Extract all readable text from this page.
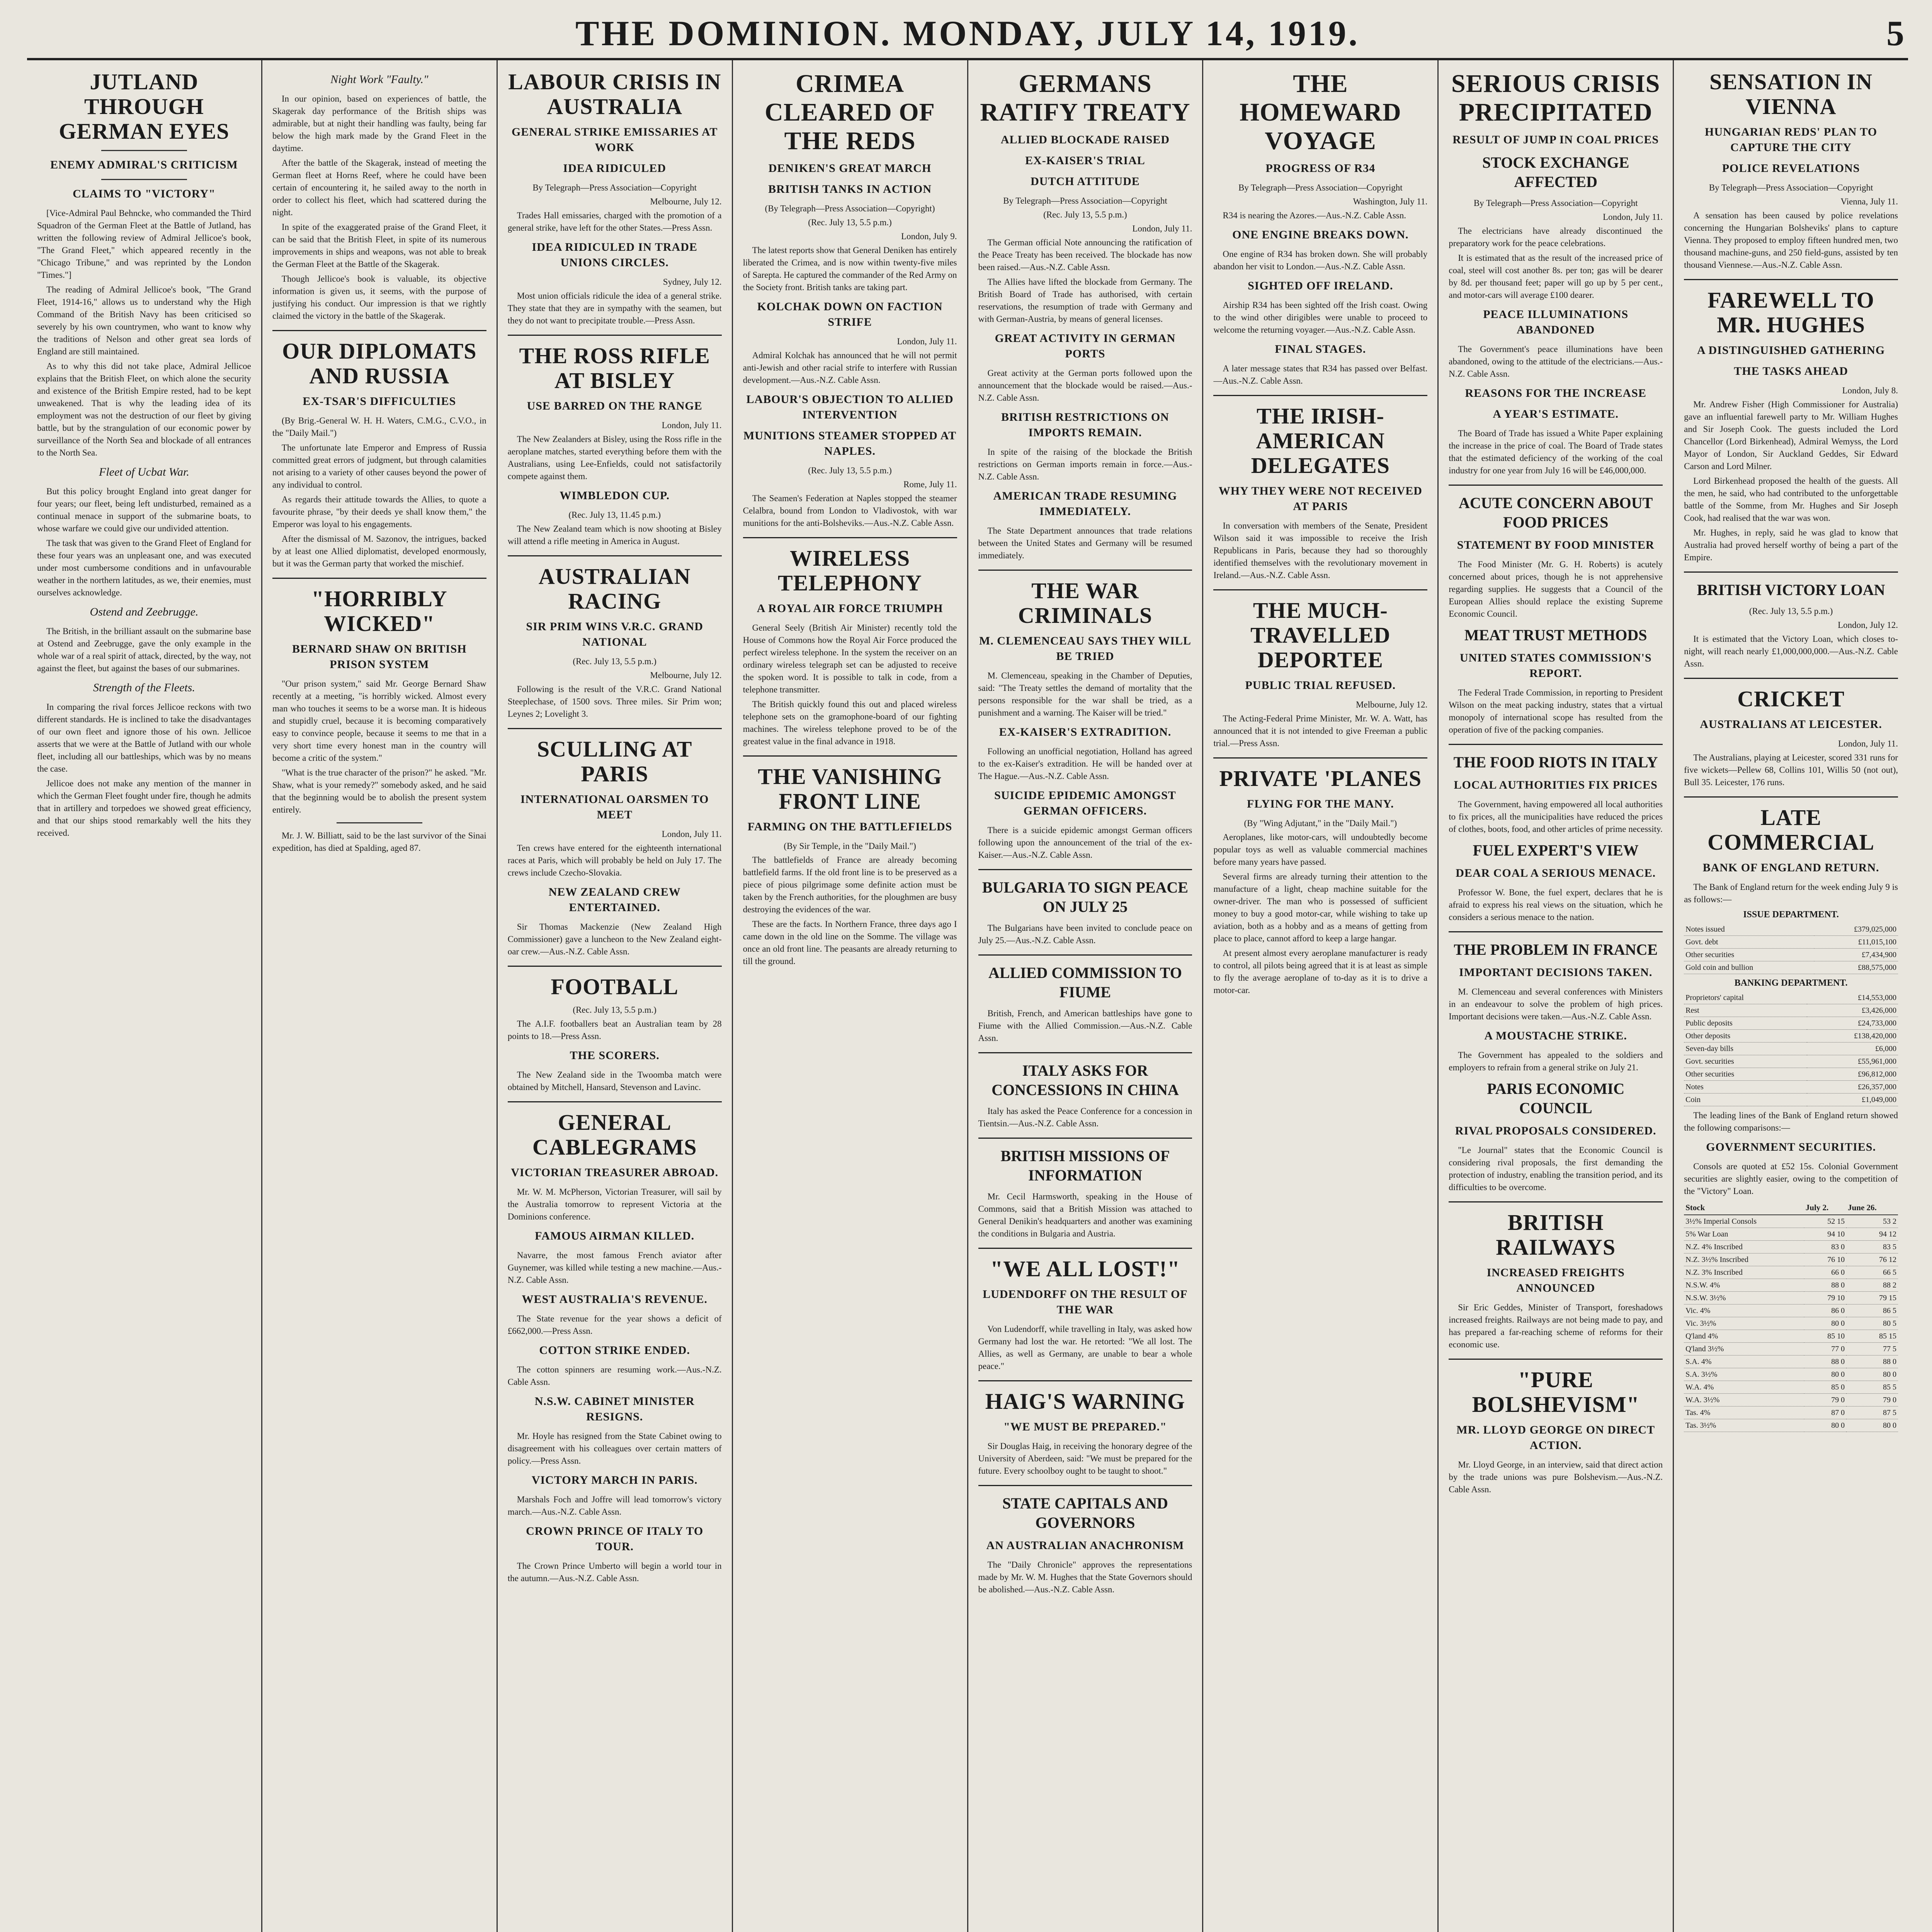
THE DOMINION. MONDAY, JULY 14, 1919.	5
JUTLAND THROUGH GERMAN EYES
ENEMY ADMIRAL'S CRITICISM
CLAIMS TO "VICTORY"

[Vice-Admiral Paul Behncke, who commanded the Third Squadron of the German Fleet at the Battle of Jutland, has written the following review of Admiral Jellicoe's book, "The Grand Fleet," which appeared recently in the "Chicago Tribune," and was reprinted by the London "Times."]

The reading of Admiral Jellicoe's book, "The Grand Fleet, 1914-16," allows us to understand why the High Command of the British Navy has been criticised so severely by his own countrymen, who want to know why the traditions of Nelson and other great sea lords of England are still maintained.

As to why this did not take place, Admiral Jellicoe explains that the British Fleet, on which alone the security and existence of the British Empire rested, had to be kept unweakened. That is why the leading idea of its employment was not the destruction of our fleet by giving battle, but by the strangulation of our economic power by surveillance of the North Sea and blockade of all entrances to the North Sea.

Fleet of Ucbat War.

But this policy brought England into great danger for four years; our fleet, being left undisturbed, remained as a continual menace in support of the submarine boats, to whose warfare we could give our undivided attention.

The task that was given to the Grand Fleet of England for these four years was an unpleasant one, and was executed under most cumbersome conditions and in unfavourable weather in the northern latitudes, as we, their enemies, must ourselves acknowledge.

Ostend and Zeebrugge.

The British, in the brilliant assault on the submarine base at Ostend and Zeebrugge, gave the only example in the whole war of a real spirit of attack, directed, by the way, not against the fleet, but against the bases of our submarines.

Strength of the Fleets.

In comparing the rival forces Jellicoe reckons with two different standards. He is inclined to take the disadvantages of our own fleet and ignore those of his own. Jellicoe asserts that we were at the Battle of Jutland with our whole fleet, including all our battleships, which was by no means the case.

Jellicoe does not make any mention of the manner in which the German Fleet fought under fire, though he admits that in artillery and torpedoes we showed great efficiency, and that our ships stood remarkably well the hits they received.

Night Work "Faulty."

In our opinion, based on experiences of battle, the Skagerak day performance of the British ships was admirable, but at night their handling was faulty, being far below the high mark made by the Grand Fleet in the daytime.

After the battle of the Skagerak, instead of meeting the German fleet at Horns Reef, where he could have been certain of encountering it, he sailed away to the north in order to collect his fleet, which had scattered during the night.

In spite of the exaggerated praise of the Grand Fleet, it can be said that the British Fleet, in spite of its numerous improvements in ships and weapons, was not able to break the German Fleet at the Battle of the Skagerak.

Though Jellicoe's book is valuable, its objective information is given us, it seems, with the purpose of justifying his conduct. Our impression is that we rightly claimed the victory in the battle of the Skagerak.

OUR DIPLOMATS AND RUSSIA
EX-TSAR'S DIFFICULTIES

(By Brig.-General W. H. H. Waters, C.M.G., C.V.O., in the "Daily Mail.")

The unfortunate late Emperor and Empress of Russia committed great errors of judgment, but through calamities not arising to a variety of other causes beyond the power of any individual to control.

As regards their attitude towards the Allies, to quote a favourite phrase, "by their deeds ye shall know them," the Emperor was loyal to his engagements.

After the dismissal of M. Sazonov, the intrigues, backed by at least one Allied diplomatist, developed enormously, but it was the German party that worked the mischief.

"HORRIBLY WICKED"
BERNARD SHAW ON BRITISH PRISON SYSTEM

"Our prison system," said Mr. George Bernard Shaw recently at a meeting, "is horribly wicked. Almost every man who touches it seems to be a worse man. It is hideous and stupidly cruel, because it is becoming comparatively easy to convince people, because it seems to me that in a very short time every honest man in the country will become a critic of the system."

"What is the true character of the prison?" he asked. "Mr. Shaw, what is your remedy?" somebody asked, and he said that the beginning would be to abolish the present system entirely.

Mr. J. W. Billiatt, said to be the last survivor of the Sinai expedition, has died at Spalding, aged 87.

LABOUR CRISIS IN AUSTRALIA
GENERAL STRIKE EMISSARIES AT WORK
IDEA RIDICULED
By Telegraph—Press Association—Copyright
Melbourne, July 12.

Trades Hall emissaries, charged with the promotion of a general strike, have left for the other States.—Press Assn.

IDEA RIDICULED IN TRADE UNIONS CIRCLES.
Sydney, July 12.

Most union officials ridicule the idea of a general strike. They state that they are in sympathy with the seamen, but they do not want to precipitate trouble.—Press Assn.

THE ROSS RIFLE AT BISLEY
USE BARRED ON THE RANGE
London, July 11.

The New Zealanders at Bisley, using the Ross rifle in the aeroplane matches, started everything before them with the Australians, using Lee-Enfields, could not satisfactorily compete against them.

WIMBLEDON CUP.
(Rec. July 13, 11.45 p.m.)

The New Zealand team which is now shooting at Bisley will attend a rifle meeting in America in August.

AUSTRALIAN RACING
SIR PRIM WINS V.R.C. GRAND NATIONAL
(Rec. July 13, 5.5 p.m.)
Melbourne, July 12.

Following is the result of the V.R.C. Grand National Steeplechase, of 1500 sovs. Three miles. Sir Prim won; Leynes 2; Lovelight 3.

SCULLING AT PARIS
INTERNATIONAL OARSMEN TO MEET
London, July 11.

Ten crews have entered for the eighteenth international races at Paris, which will probably be held on July 17. The crews include Czecho-Slovakia.

NEW ZEALAND CREW ENTERTAINED.

Sir Thomas Mackenzie (New Zealand High Commissioner) gave a luncheon to the New Zealand eight-oar crew.—Aus.-N.Z. Cable Assn.

FOOTBALL
(Rec. July 13, 5.5 p.m.)

The A.I.F. footballers beat an Australian team by 28 points to 18.—Press Assn.

THE SCORERS.

The New Zealand side in the Twoomba match were obtained by Mitchell, Hansard, Stevenson and Lavinc.

GENERAL CABLEGRAMS
VICTORIAN TREASURER ABROAD.

Mr. W. M. McPherson, Victorian Treasurer, will sail by the Australia tomorrow to represent Victoria at the Dominions conference.

FAMOUS AIRMAN KILLED.

Navarre, the most famous French aviator after Guynemer, was killed while testing a new machine.—Aus.-N.Z. Cable Assn.

WEST AUSTRALIA'S REVENUE.

The State revenue for the year shows a deficit of £662,000.—Press Assn.

COTTON STRIKE ENDED.

The cotton spinners are resuming work.—Aus.-N.Z. Cable Assn.

N.S.W. CABINET MINISTER RESIGNS.

Mr. Hoyle has resigned from the State Cabinet owing to disagreement with his colleagues over certain matters of policy.—Press Assn.

VICTORY MARCH IN PARIS.

Marshals Foch and Joffre will lead tomorrow's victory march.—Aus.-N.Z. Cable Assn.

CROWN PRINCE OF ITALY TO TOUR.

The Crown Prince Umberto will begin a world tour in the autumn.—Aus.-N.Z. Cable Assn.

CRIMEA CLEARED OF THE REDS
DENIKEN'S GREAT MARCH
BRITISH TANKS IN ACTION
(By Telegraph—Press Association—Copyright)
(Rec. July 13, 5.5 p.m.)
London, July 9.

The latest reports show that General Deniken has entirely liberated the Crimea, and is now within twenty-five miles of Sarepta. He captured the commander of the Red Army on the Society front. British tanks are taking part.

KOLCHAK DOWN ON FACTION STRIFE
London, July 11.

Admiral Kolchak has announced that he will not permit anti-Jewish and other racial strife to interfere with Russian development.—Aus.-N.Z. Cable Assn.

LABOUR'S OBJECTION TO ALLIED INTERVENTION
MUNITIONS STEAMER STOPPED AT NAPLES.
(Rec. July 13, 5.5 p.m.)
Rome, July 11.

The Seamen's Federation at Naples stopped the steamer Celalbra, bound from London to Vladivostok, with war munitions for the anti-Bolsheviks.—Aus.-N.Z. Cable Assn.

WIRELESS TELEPHONY
A ROYAL AIR FORCE TRIUMPH

General Seely (British Air Minister) recently told the House of Commons how the Royal Air Force produced the perfect wireless telephone. In the system the receiver on an ordinary wireless telegraph set can be adjusted to receive the spoken word. It is possible to talk in code, from a telephone transmitter.

The British quickly found this out and placed wireless telephone sets on the gramophone-board of our fighting machines. The wireless telephone proved to be of the greatest value in the final advance in 1918.

THE VANISHING FRONT LINE
FARMING ON THE BATTLEFIELDS
(By Sir Temple, in the "Daily Mail.")

The battlefields of France are already becoming battlefield farms. If the old front line is to be preserved as a piece of pious pilgrimage some definite action must be taken by the French authorities, for the ploughmen are busy destroying the evidences of the war.

These are the facts. In Northern France, three days ago I came down in the old line on the Somme. The village was once an old front line. The peasants are already returning to till the ground.

GERMANS RATIFY TREATY
ALLIED BLOCKADE RAISED
EX-KAISER'S TRIAL
DUTCH ATTITUDE
By Telegraph—Press Association—Copyright
(Rec. July 13, 5.5 p.m.)
London, July 11.

The German official Note announcing the ratification of the Peace Treaty has been received. The blockade has now been raised.—Aus.-N.Z. Cable Assn.

The Allies have lifted the blockade from Germany. The British Board of Trade has authorised, with certain reservations, the resumption of trade with Germany and with German-Austria, by means of general licenses.

GREAT ACTIVITY IN GERMAN PORTS

Great activity at the German ports followed upon the announcement that the blockade would be raised.—Aus.-N.Z. Cable Assn.

BRITISH RESTRICTIONS ON IMPORTS REMAIN.

In spite of the raising of the blockade the British restrictions on German imports remain in force.—Aus.-N.Z. Cable Assn.

AMERICAN TRADE RESUMING IMMEDIATELY.

The State Department announces that trade relations between the United States and Germany will be resumed immediately.

THE WAR CRIMINALS
M. CLEMENCEAU SAYS THEY WILL BE TRIED

M. Clemenceau, speaking in the Chamber of Deputies, said: "The Treaty settles the demand of mortality that the persons responsible for the war shall be tried, as a punishment and a warning. The Kaiser will be tried."

EX-KAISER'S EXTRADITION.

Following an unofficial negotiation, Holland has agreed to the ex-Kaiser's extradition. He will be handed over at The Hague.—Aus.-N.Z. Cable Assn.

SUICIDE EPIDEMIC AMONGST GERMAN OFFICERS.

There is a suicide epidemic amongst German officers following upon the announcement of the trial of the ex-Kaiser.—Aus.-N.Z. Cable Assn.

BULGARIA TO SIGN PEACE ON JULY 25

The Bulgarians have been invited to conclude peace on July 25.—Aus.-N.Z. Cable Assn.

ALLIED COMMISSION TO FIUME

British, French, and American battleships have gone to Fiume with the Allied Commission.—Aus.-N.Z. Cable Assn.

ITALY ASKS FOR CONCESSIONS IN CHINA

Italy has asked the Peace Conference for a concession in Tientsin.—Aus.-N.Z. Cable Assn.

BRITISH MISSIONS OF INFORMATION

Mr. Cecil Harmsworth, speaking in the House of Commons, said that a British Mission was attached to General Denikin's headquarters and another was examining the conditions in Bulgaria and Austria.

"WE ALL LOST!"
LUDENDORFF ON THE RESULT OF THE WAR

Von Ludendorff, while travelling in Italy, was asked how Germany had lost the war. He retorted: "We all lost. The Allies, as well as Germany, are unable to bear a whole peace."

HAIG'S WARNING
"WE MUST BE PREPARED."

Sir Douglas Haig, in receiving the honorary degree of the University of Aberdeen, said: "We must be prepared for the future. Every schoolboy ought to be taught to shoot."

STATE CAPITALS AND GOVERNORS
AN AUSTRALIAN ANACHRONISM

The "Daily Chronicle" approves the representations made by Mr. W. M. Hughes that the State Governors should be abolished.—Aus.-N.Z. Cable Assn.

THE HOMEWARD VOYAGE
PROGRESS OF R34
By Telegraph—Press Association—Copyright
Washington, July 11.

R34 is nearing the Azores.—Aus.-N.Z. Cable Assn.

ONE ENGINE BREAKS DOWN.

One engine of R34 has broken down. She will probably abandon her visit to London.—Aus.-N.Z. Cable Assn.

SIGHTED OFF IRELAND.

Airship R34 has been sighted off the Irish coast. Owing to the wind other dirigibles were unable to proceed to welcome the returning voyager.—Aus.-N.Z. Cable Assn.

FINAL STAGES.

A later message states that R34 has passed over Belfast.—Aus.-N.Z. Cable Assn.

THE IRISH-AMERICAN DELEGATES
WHY THEY WERE NOT RECEIVED AT PARIS

In conversation with members of the Senate, President Wilson said it was impossible to receive the Irish Republicans in Paris, because they had so thoroughly identified themselves with the revolutionary movement in Ireland.—Aus.-N.Z. Cable Assn.

THE MUCH-TRAVELLED DEPORTEE
PUBLIC TRIAL REFUSED.
Melbourne, July 12.

The Acting-Federal Prime Minister, Mr. W. A. Watt, has announced that it is not intended to give Freeman a public trial.—Press Assn.

PRIVATE 'PLANES
FLYING FOR THE MANY.
(By "Wing Adjutant," in the "Daily Mail.")

Aeroplanes, like motor-cars, will undoubtedly become popular toys as well as valuable commercial machines before many years have passed.

Several firms are already turning their attention to the manufacture of a light, cheap machine suitable for the owner-driver. The man who is possessed of sufficient money to buy a good motor-car, while wishing to take up aviation, both as a hobby and as a means of getting from place to place, cannot afford to keep a large hangar.

At present almost every aeroplane manufacturer is ready to control, all pilots being agreed that it is at least as simple to fly the average aeroplane of to-day as it is to drive a motor-car.

SERIOUS CRISIS PRECIPITATED
RESULT OF JUMP IN COAL PRICES
STOCK EXCHANGE AFFECTED
By Telegraph—Press Association—Copyright
London, July 11.

The electricians have already discontinued the preparatory work for the peace celebrations.

It is estimated that as the result of the increased price of coal, steel will cost another 8s. per ton; gas will be dearer by 8d. per thousand feet; paper will go up by 5 per cent., and motor-cars will average £100 dearer.

PEACE ILLUMINATIONS ABANDONED

The Government's peace illuminations have been abandoned, owing to the attitude of the electricians.—Aus.-N.Z. Cable Assn.

REASONS FOR THE INCREASE
A YEAR'S ESTIMATE.

The Board of Trade has issued a White Paper explaining the increase in the price of coal. The Board of Trade states that the estimated deficiency of the working of the coal industry for one year from July 16 will be £46,000,000.

ACUTE CONCERN ABOUT FOOD PRICES
STATEMENT BY FOOD MINISTER

The Food Minister (Mr. G. H. Roberts) is acutely concerned about prices, though he is not apprehensive regarding supplies. He suggests that a Council of the European Allies should replace the existing Supreme Economic Council.

MEAT TRUST METHODS
UNITED STATES COMMISSION'S REPORT.

The Federal Trade Commission, in reporting to President Wilson on the meat packing industry, states that a virtual monopoly of international scope has resulted from the operation of five of the packing companies.

THE FOOD RIOTS IN ITALY
LOCAL AUTHORITIES FIX PRICES

The Government, having empowered all local authorities to fix prices, all the municipalities have reduced the prices of clothes, boots, food, and other articles of prime necessity.

FUEL EXPERT'S VIEW
DEAR COAL A SERIOUS MENACE.

Professor W. Bone, the fuel expert, declares that he is afraid to express his real views on the situation, which he considers a serious menace to the nation.

THE PROBLEM IN FRANCE
IMPORTANT DECISIONS TAKEN.

M. Clemenceau and several conferences with Ministers in an endeavour to solve the problem of high prices. Important decisions were taken.—Aus.-N.Z. Cable Assn.

A MOUSTACHE STRIKE.

The Government has appealed to the soldiers and employers to refrain from a general strike on July 21.

PARIS ECONOMIC COUNCIL
RIVAL PROPOSALS CONSIDERED.

"Le Journal" states that the Economic Council is considering rival proposals, the first demanding the protection of industry, enabling the transition period, and its difficulties to be overcome.

BRITISH RAILWAYS
INCREASED FREIGHTS ANNOUNCED

Sir Eric Geddes, Minister of Transport, foreshadows increased freights. Railways are not being made to pay, and has prepared a far-reaching scheme of reforms for their economic use.

"PURE BOLSHEVISM"
MR. LLOYD GEORGE ON DIRECT ACTION.

Mr. Lloyd George, in an interview, said that direct action by the trade unions was pure Bolshevism.—Aus.-N.Z. Cable Assn.

SENSATION IN VIENNA
HUNGARIAN REDS' PLAN TO CAPTURE THE CITY
POLICE REVELATIONS
By Telegraph—Press Association—Copyright
Vienna, July 11.

A sensation has been caused by police revelations concerning the Hungarian Bolsheviks' plans to capture Vienna. They proposed to employ fifteen hundred men, two thousand machine-guns, and 250 field-guns, assisted by ten thousand Viennese.—Aus.-N.Z. Cable Assn.

FAREWELL TO MR. HUGHES
A DISTINGUISHED GATHERING
THE TASKS AHEAD
London, July 8.

Mr. Andrew Fisher (High Commissioner for Australia) gave an influential farewell party to Mr. William Hughes and Sir Joseph Cook. The guests included the Lord Chancellor (Lord Birkenhead), Admiral Wemyss, the Lord Mayor of London, Sir Auckland Geddes, Sir Edward Carson and Lord Milner.

Lord Birkenhead proposed the health of the guests. All the men, he said, who had contributed to the unforgettable battle of the Somme, from Mr. Hughes and Sir Joseph Cook, had realised that the war was won.

Mr. Hughes, in reply, said he was glad to know that Australia had proved herself worthy of being a part of the Empire.

BRITISH VICTORY LOAN
(Rec. July 13, 5.5 p.m.)
London, July 12.

It is estimated that the Victory Loan, which closes to-night, will reach nearly £1,000,000,000.—Aus.-N.Z. Cable Assn.

CRICKET
AUSTRALIANS AT LEICESTER.
London, July 11.

The Australians, playing at Leicester, scored 331 runs for five wickets—Pellew 68, Collins 101, Willis 50 (not out), Bull 35. Leicester, 176 runs.

LATE COMMERCIAL
BANK OF ENGLAND RETURN.

The Bank of England return for the week ending July 9 is as follows:—

ISSUE DEPARTMENT.
Notes issued	£379,025,000
Govt. debt	£11,015,100
Other securities	£7,434,900
Gold coin and bullion	£88,575,000
BANKING DEPARTMENT.
Proprietors' capital	£14,553,000
Rest	£3,426,000
Public deposits	£24,733,000
Other deposits	£138,420,000
Seven-day bills	£6,000
Govt. securities	£55,961,000
Other securities	£96,812,000
Notes	£26,357,000
Coin	£1,049,000

The leading lines of the Bank of England return showed the following comparisons:—

GOVERNMENT SECURITIES.

Consols are quoted at £52 15s. Colonial Government securities are slightly easier, owing to the competition of the "Victory" Loan.

Stock	July 2.	June 26.
3½% Imperial Consols	52 15	53 2
5% War Loan	94 10	94 12
N.Z. 4% Inscribed	83 0	83 5
N.Z. 3½% Inscribed	76 10	76 12
N.Z. 3% Inscribed	66 0	66 5
N.S.W. 4%	88 0	88 2
N.S.W. 3½%	79 10	79 15
Vic. 4%	86 0	86 5
Vic. 3½%	80 0	80 5
Q'land 4%	85 10	85 15
Q'land 3½%	77 0	77 5
S.A. 4%	88 0	88 0
S.A. 3½%	80 0	80 0
W.A. 4%	85 0	85 5
W.A. 3½%	79 0	79 0
Tas. 4%	87 0	87 5
Tas. 3½%	80 0	80 0
